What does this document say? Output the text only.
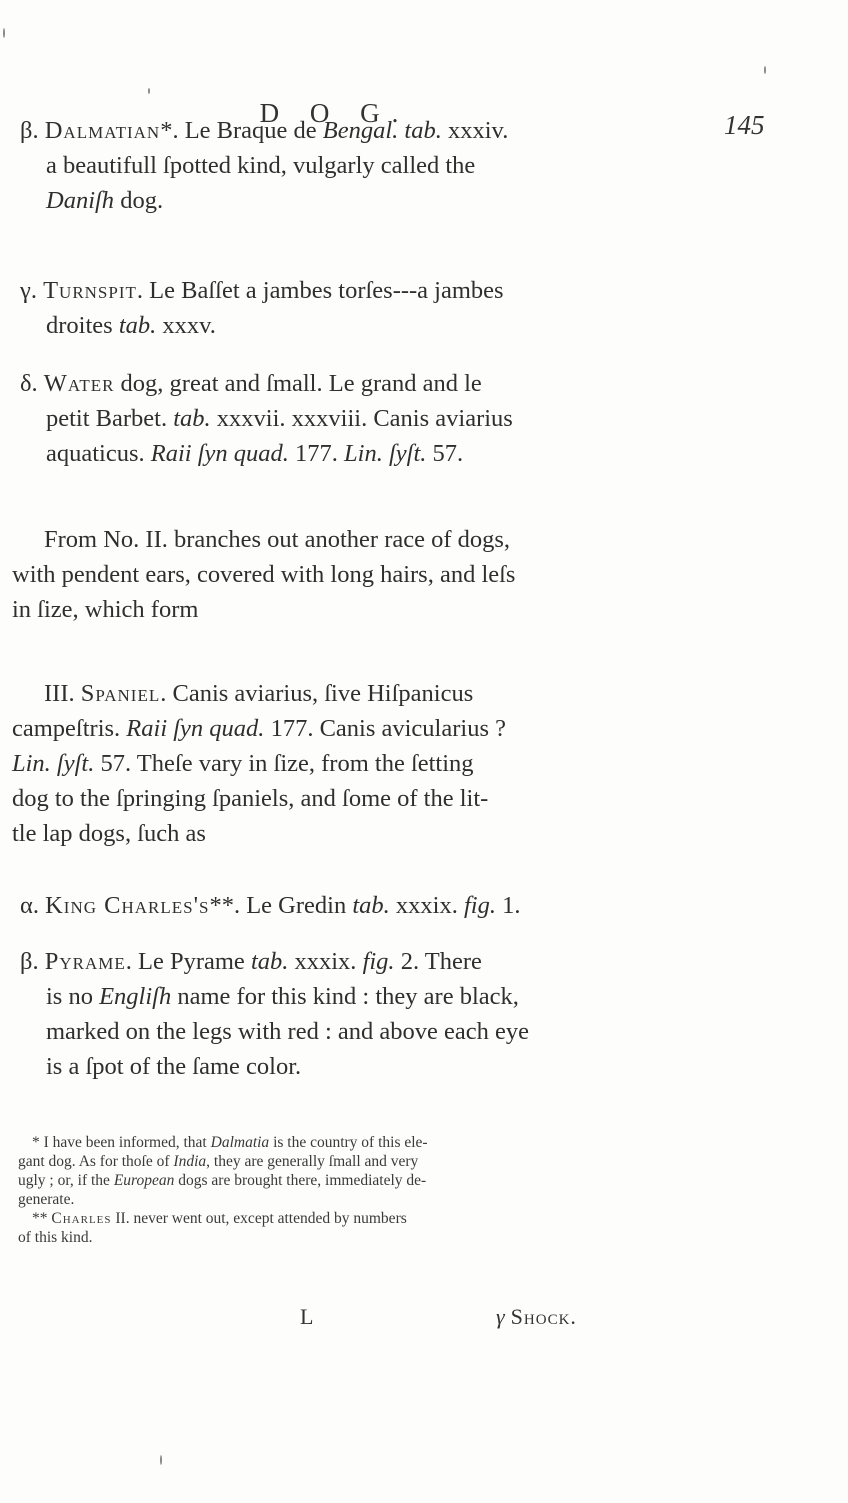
D O G.	145
β. Dalmatian*. Le Braque de Bengal. tab. xxxiv.
a beautifull ſpotted kind, vulgarly called the
Daniſh dog.
γ. Turnspit. Le Baſſet a jambes torſes---a jambes
droites tab. xxxv.
δ. Water dog, great and ſmall. Le grand and le
petit Barbet. tab. xxxvii. xxxviii. Canis aviarius
aquaticus. Raii ſyn quad. 177. Lin. ſyſt. 57.
From No. II. branches out another race of dogs,
with pendent ears, covered with long hairs, and leſs
in ſize, which form
III. Spaniel. Canis aviarius, ſive Hiſpanicus
campeſtris. Raii ſyn quad. 177. Canis avicularius ?
Lin. ſyſt. 57. Theſe vary in ſize, from the ſetting
dog to the ſpringing ſpaniels, and ſome of the lit-
tle lap dogs, ſuch as
α. King Charles's**. Le Gredin tab. xxxix. fig. 1.
β. Pyrame. Le Pyrame tab. xxxix. fig. 2. There
is no Engliſh name for this kind : they are black,
marked on the legs with red : and above each eye
is a ſpot of the ſame color.
* I have been informed, that Dalmatia is the country of this ele-
gant dog. As for thoſe of India, they are generally ſmall and very
ugly ; or, if the European dogs are brought there, immediately de-
generate.
** Charles II. never went out, except attended by numbers
of this kind.
L	γ Shock.
